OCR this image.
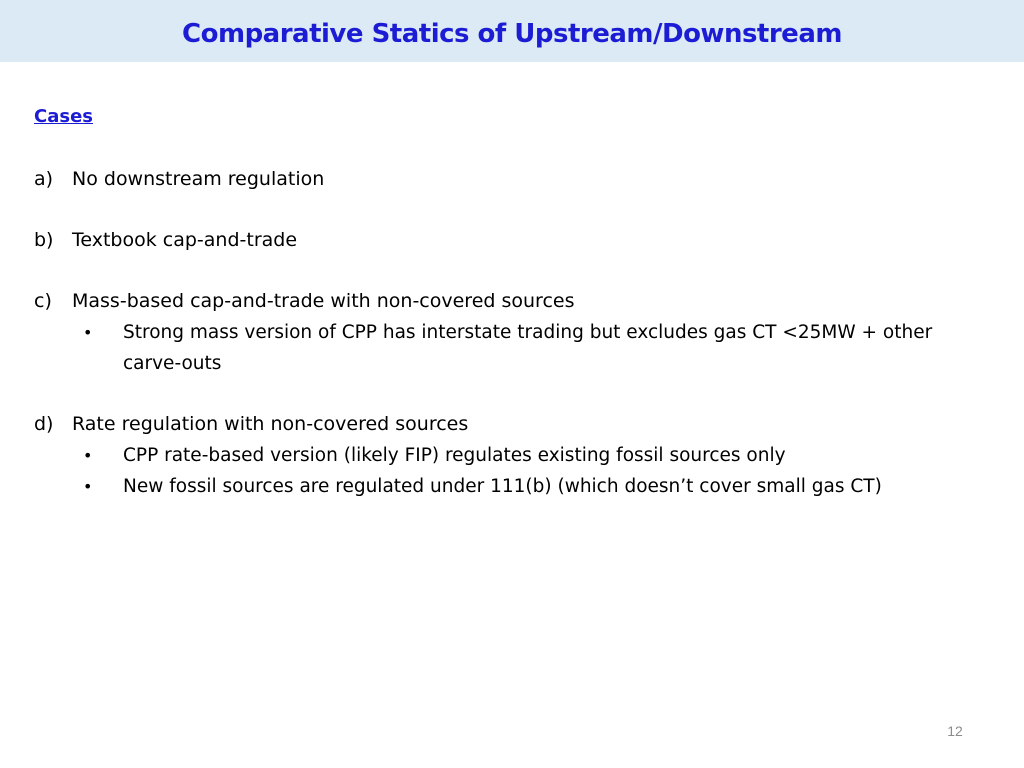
Comparative Statics of Upstream/Downstream
Cases
a) No downstream regulation
b) Textbook cap-and-trade
c) Mass-based cap-and-trade with non-covered sources
• Strong mass version of CPP has interstate trading but excludes gas CT <25MW + other carve-outs
d) Rate regulation with non-covered sources
• CPP rate-based version (likely FIP) regulates existing fossil sources only
• New fossil sources are regulated under 111(b) (which doesn’t cover small gas CT)
12
